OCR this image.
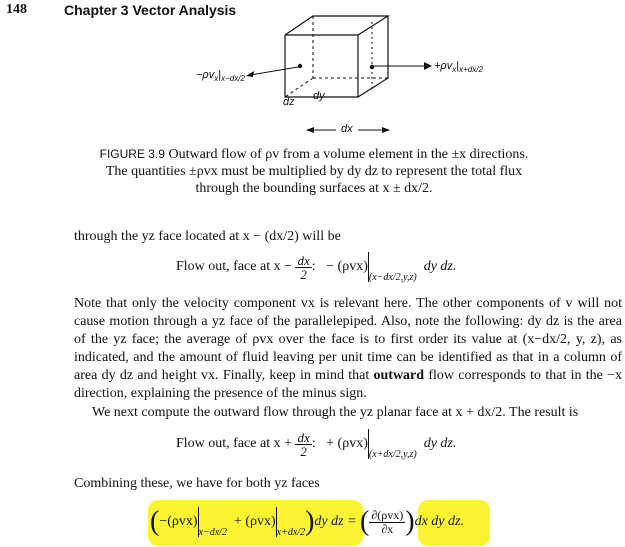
148	Chapter 3 Vector Analysis
$+\rho v_x|_{x+dx/2}$
$-\rho v_x|_{x-dx/2}$
dz dy
dx
FIGURE 3.9 Outward flow of ρv from a volume element in the ±x directions. The quantities ±ρvx must be multiplied by dy dz to represent the total flux through the bounding surfaces at x ± dx/2.
through the yz face located at x − (dx/2) will be
Flow out, face at $x - \frac{dx}{2}$ : − $(\rho vx)_{(x-dx/2,y,z)}$  dy dz.
Note that only the velocity component vx is relevant here. The other components of v will not cause motion through a yz face of the parallelepiped. Also, note the following: dy dz is the area of the yz face; the average of ρvx over the face is to first order its value at (x−dx/2, y, z), as indicated, and the amount of fluid leaving per unit time can be identified as that in a column of area dy dz and height vx. Finally, keep in mind that outward flow corresponds to that in the −x direction, explaining the presence of the minus sign.
We next compute the outward flow through the yz planar face at x + dx/2. The result is
Flow out, face at $x + \frac{dx}{2}$ : + $(\rho vx)_{(x+dx/2,y,z)}$  dy dz.
Combining these, we have for both yz faces
$(-(\rho vx)_{x-dx/2} + (\rho vx)_{x+dx/2})dy$ dz = ( $\frac{\text{∂(ρvx)}}{\partial x} )dx$ dy dz.
